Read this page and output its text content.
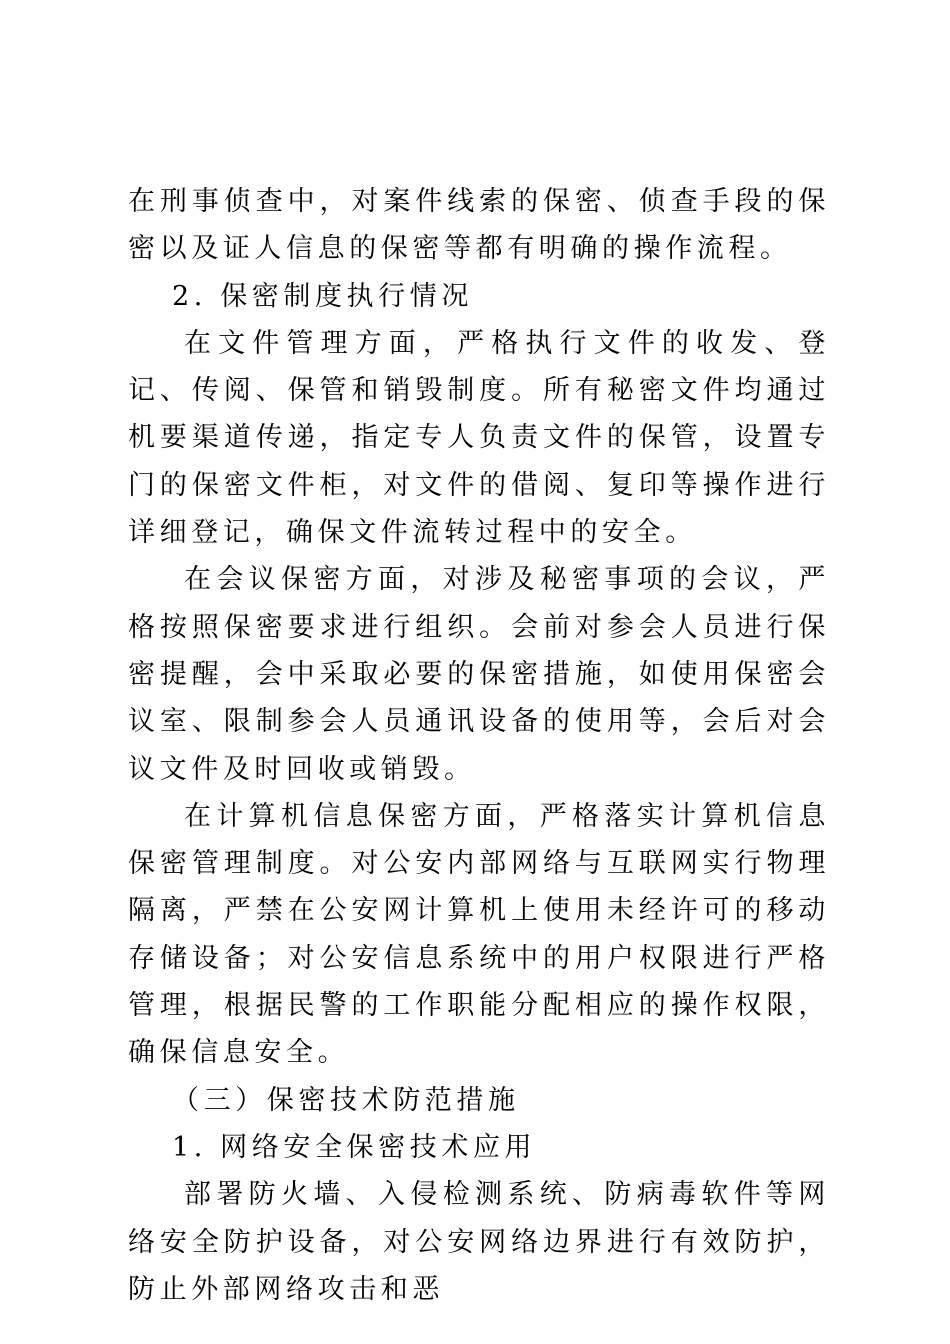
在刑事侦查中，对案件线索的保密、侦查手段的保密以及证人信息的保密等都有明确的操作流程。

2. 保密制度执行情况

在文件管理方面，严格执行文件的收发、登记、传阅、保管和销毁制度。所有秘密文件均通过机要渠道传递，指定专人负责文件的保管，设置专门的保密文件柜，对文件的借阅、复印等操作进行详细登记，确保文件流转过程中的安全。

在会议保密方面，对涉及秘密事项的会议，严格按照保密要求进行组织。会前对参会人员进行保密提醒，会中采取必要的保密措施，如使用保密会议室、限制参会人员通讯设备的使用等，会后对会议文件及时回收或销毁。

在计算机信息保密方面，严格落实计算机信息保密管理制度。对公安内部网络与互联网实行物理隔离，严禁在公安网计算机上使用未经许可的移动存储设备；对公安信息系统中的用户权限进行严格管理，根据民警的工作职能分配相应的操作权限，确保信息安全。

（三）保密技术防范措施

1. 网络安全保密技术应用

部署防火墙、入侵检测系统、防病毒软件等网络安全防护设备，对公安网络边界进行有效防护，防止外部网络攻击和恶
